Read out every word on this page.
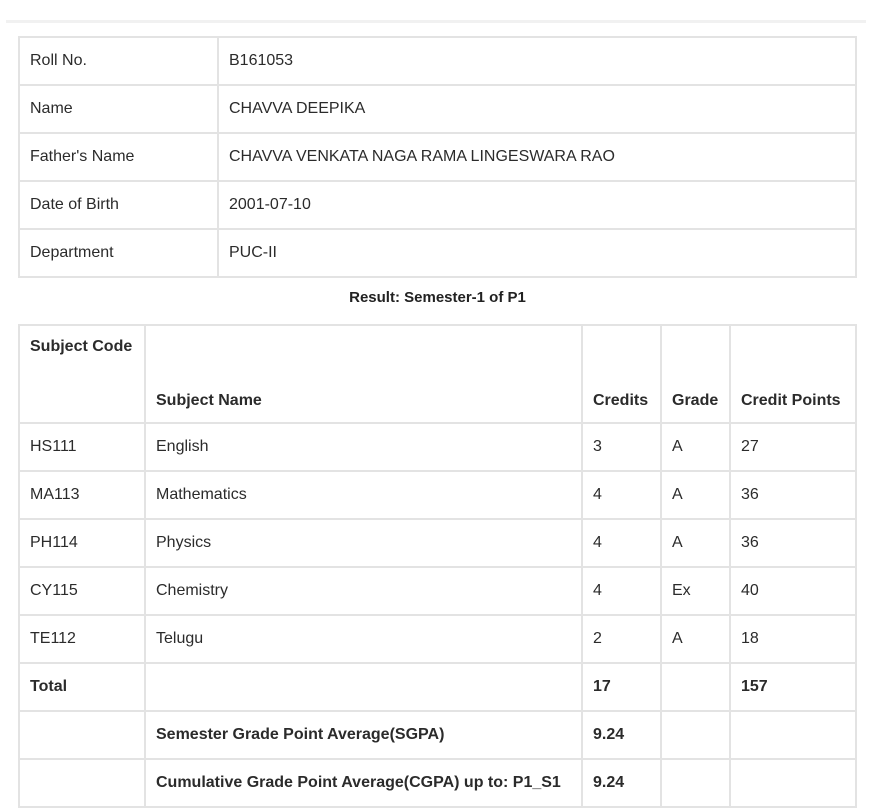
Roll No.	B161053
Name	CHAVVA DEEPIKA
Father's Name	CHAVVA VENKATA NAGA RAMA LINGESWARA RAO
Date of Birth	2001-07-10
Department	PUC-II
Result: Semester-1 of P1
Subject Code	Subject Name	Credits	Grade	Credit Points
HS111	English	3	A	27
MA113	Mathematics	4	A	36
PH114	Physics	4	A	36
CY115	Chemistry	4	Ex	40
TE112	Telugu	2	A	18
Total		17		157
	Semester Grade Point Average(SGPA)	9.24		
	Cumulative Grade Point Average(CGPA) up to: P1_S1	9.24		
